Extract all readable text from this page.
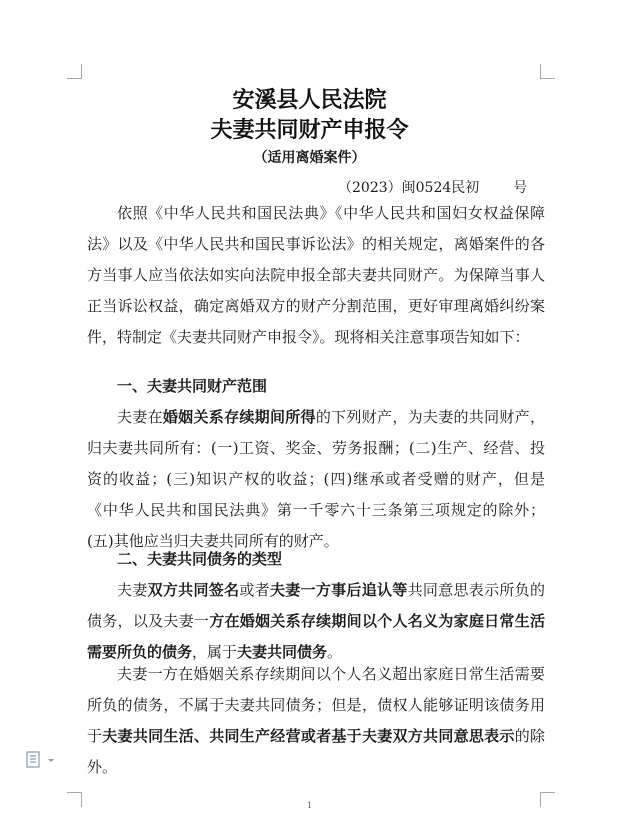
安溪县人民法院
夫妻共同财产申报令
（适用离婚案件）
（2023）闽0524民初 号

依照《中华人民共和国民法典》《中华人民共和国妇女权益保障法》以及《中华人民共和国民事诉讼法》的相关规定，离婚案件的各方当事人应当依法如实向法院申报全部夫妻共同财产。为保障当事人正当诉讼权益，确定离婚双方的财产分割范围，更好审理离婚纠纷案件，特制定《夫妻共同财产申报令》。现将相关注意事项告知如下：

一、夫妻共同财产范围

夫妻在婚姻关系存续期间所得的下列财产，为夫妻的共同财产，归夫妻共同所有：(一)工资、奖金、劳务报酬；(二)生产、经营、投资的收益；(三)知识产权的收益；(四)继承或者受赠的财产，但是《中华人民共和国民法典》第一千零六十三条第三项规定的除外；(五)其他应当归夫妻共同所有的财产。

二、夫妻共同债务的类型

夫妻双方共同签名或者夫妻一方事后追认等共同意思表示所负的债务，以及夫妻一方在婚姻关系存续期间以个人名义为家庭日常生活需要所负的债务，属于夫妻共同债务。

夫妻一方在婚姻关系存续期间以个人名义超出家庭日常生活需要所负的债务，不属于夫妻共同债务；但是，债权人能够证明该债务用于夫妻共同生活、共同生产经营或者基于夫妻双方共同意思表示的除外。

1
